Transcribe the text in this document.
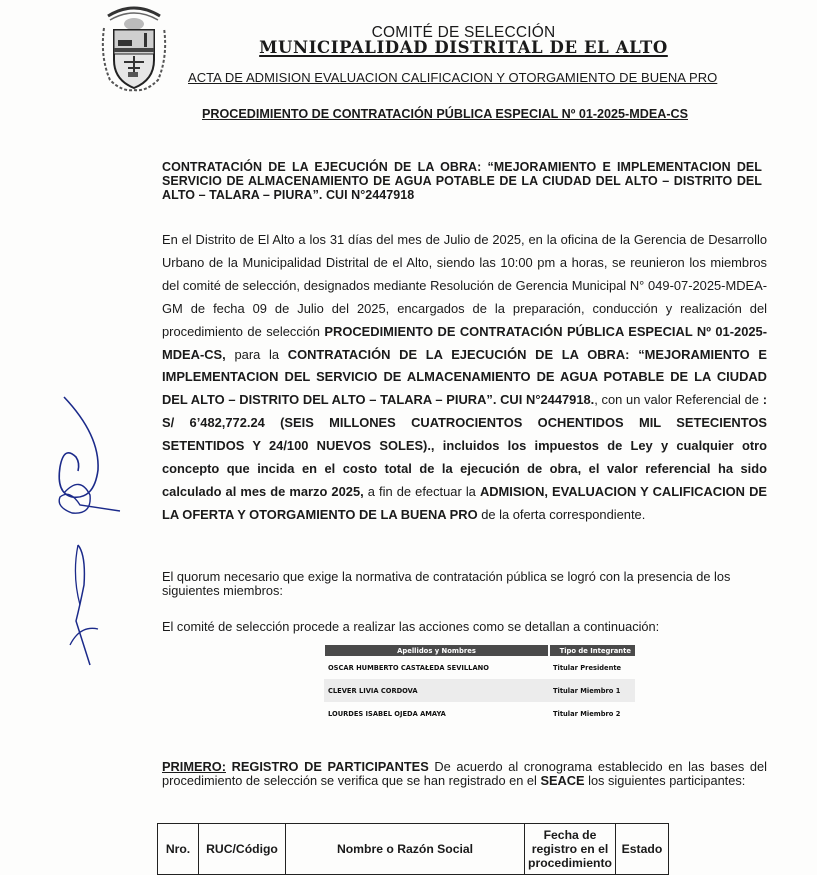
COMITÉ DE SELECCIÓN
MUNICIPALIDAD DISTRITAL DE EL ALTO
ACTA DE ADMISION EVALUACION CALIFICACION Y OTORGAMIENTO DE BUENA PRO
PROCEDIMIENTO DE CONTRATACIÓN PÚBLICA ESPECIAL Nº 01-2025-MDEA-CS
CONTRATACIÓN DE LA EJECUCIÓN DE LA OBRA: “MEJORAMIENTO E IMPLEMENTACION DEL SERVICIO DE ALMACENAMIENTO DE AGUA POTABLE DE LA CIUDAD DEL ALTO – DISTRITO DEL ALTO – TALARA – PIURA”. CUI N°2447918
En el Distrito de El Alto a los 31 días del mes de Julio de 2025, en la oficina de la Gerencia de Desarrollo Urbano de la Municipalidad Distrital de el Alto, siendo las 10:00 pm a horas, se reunieron los miembros del comité de selección, designados mediante Resolución de Gerencia Municipal N° 049-07-2025-MDEA-GM de fecha 09 de Julio del 2025, encargados de la preparación, conducción y realización del procedimiento de selección PROCEDIMIENTO DE CONTRATACIÓN PÚBLICA ESPECIAL Nº 01-2025-MDEA-CS, para la CONTRATACIÓN DE LA EJECUCIÓN DE LA OBRA: “MEJORAMIENTO E IMPLEMENTACION DEL SERVICIO DE ALMACENAMIENTO DE AGUA POTABLE DE LA CIUDAD DEL ALTO – DISTRITO DEL ALTO – TALARA – PIURA”. CUI N°2447918., con un valor Referencial de : S/ 6’482,772.24 (SEIS MILLONES CUATROCIENTOS OCHENTIDOS MIL SETECIENTOS SETENTIDOS Y 24/100 NUEVOS SOLES)., incluidos los impuestos de Ley y cualquier otro concepto que incida en el costo total de la ejecución de obra, el valor referencial ha sido calculado al mes de marzo 2025, a fin de efectuar la ADMISION, EVALUACION Y CALIFICACION DE LA OFERTA Y OTORGAMIENTO DE LA BUENA PRO de la oferta correspondiente.
El quorum necesario que exige la normativa de contratación pública se logró con la presencia de los siguientes miembros:
El comité de selección procede a realizar las acciones como se detallan a continuación:
Apellidos y Nombres	Tipo de Integrante
OSCAR HUMBERTO CASTAŁEDA SEVILLANO	Titular Presidente
CLEVER LIVIA CORDOVA	Titular Miembro 1
LOURDES ISABEL OJEDA AMAYA	Titular Miembro 2
PRIMERO: REGISTRO DE PARTICIPANTES De acuerdo al cronograma establecido en las bases del procedimiento de selección se verifica que se han registrado en el SEACE los siguientes participantes:
Nro.	RUC/Código	Nombre o Razón Social	Fecha de registro en el procedimiento	Estado
